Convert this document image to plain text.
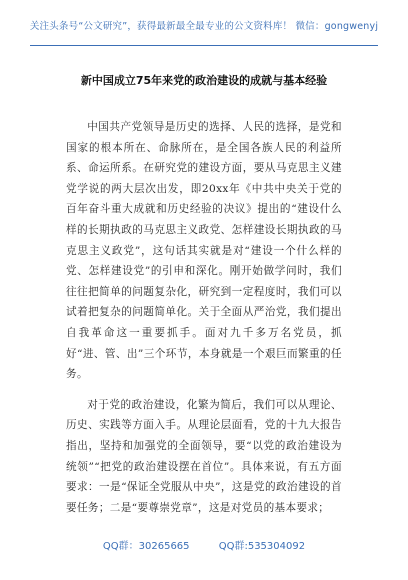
关注头条号“公文研究”，获得最新最全最专业的公文资料库！ 微信：gongwenyj
新中国成立75年来党的政治建设的成就与基本经验

中国共产党领导是历史的选择、人民的选择，是党和国家的根本所在、命脉所在，是全国各族人民的利益所系、命运所系。在研究党的建设方面，要从马克思主义建党学说的两大层次出发，即20xx年《中共中央关于党的百年奋斗重大成就和历史经验的决议》提出的“建设什么样的长期执政的马克思主义政党、怎样建设长期执政的马克思主义政党”，这句话其实就是对“建设一个什么样的党、怎样建设党”的引申和深化。刚开始做学问时，我们往往把简单的问题复杂化，研究到一定程度时，我们可以试着把复杂的问题简单化。关于全面从严治党，我们提出自我革命这一重要抓手。面对九千多万名党员，抓好“进、管、出”三个环节，本身就是一个艰巨而繁重的任务。

对于党的政治建设，化繁为简后，我们可以从理论、历史、实践等方面入手。从理论层面看，党的十九大报告指出，坚持和加强党的全面领导，要“以党的政治建设为统领”“把党的政治建设摆在首位”。具体来说，有五方面要求：一是“保证全党服从中央”，这是党的政治建设的首要任务；二是“要尊崇党章”，这是对党员的基本要求；

QQ群：30265665	QQ群:535304092
